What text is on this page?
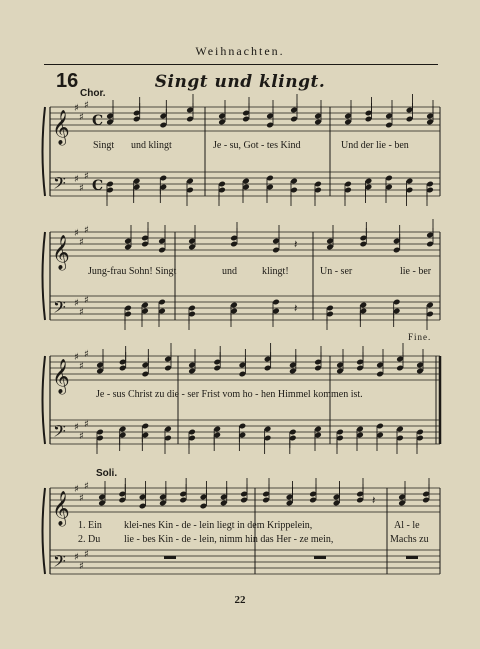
Weihnachten.
16	Singt und klingt.
Chor.
Soli.
Fine.
𝄞
𝄢
♯
♯
♯
♯
♯
♯
C
C
𝄞
𝄢
♯
♯
♯
♯
♯
♯
𝄽
𝄽
𝄞
𝄢
♯
♯
♯
♯
♯
♯
𝄞
𝄢
♯
♯
♯
♯
♯
♯
𝄽
Singt und klingt	Je - su, Got - tes Kind	Und der lie - ben
Jung-frau Sohn! Singt	und	klingt!	Un - ser	lie - ber
Je - sus Christ zu die - ser Frist vom ho - hen Himmel kommen ist.
1. Ein klei-nes Kin - de - lein liegt in dem Krippelein,	Al - le
2. Du lie - bes Kin - de - lein, nimm hin das Her - ze mein,	Machs zu
22
